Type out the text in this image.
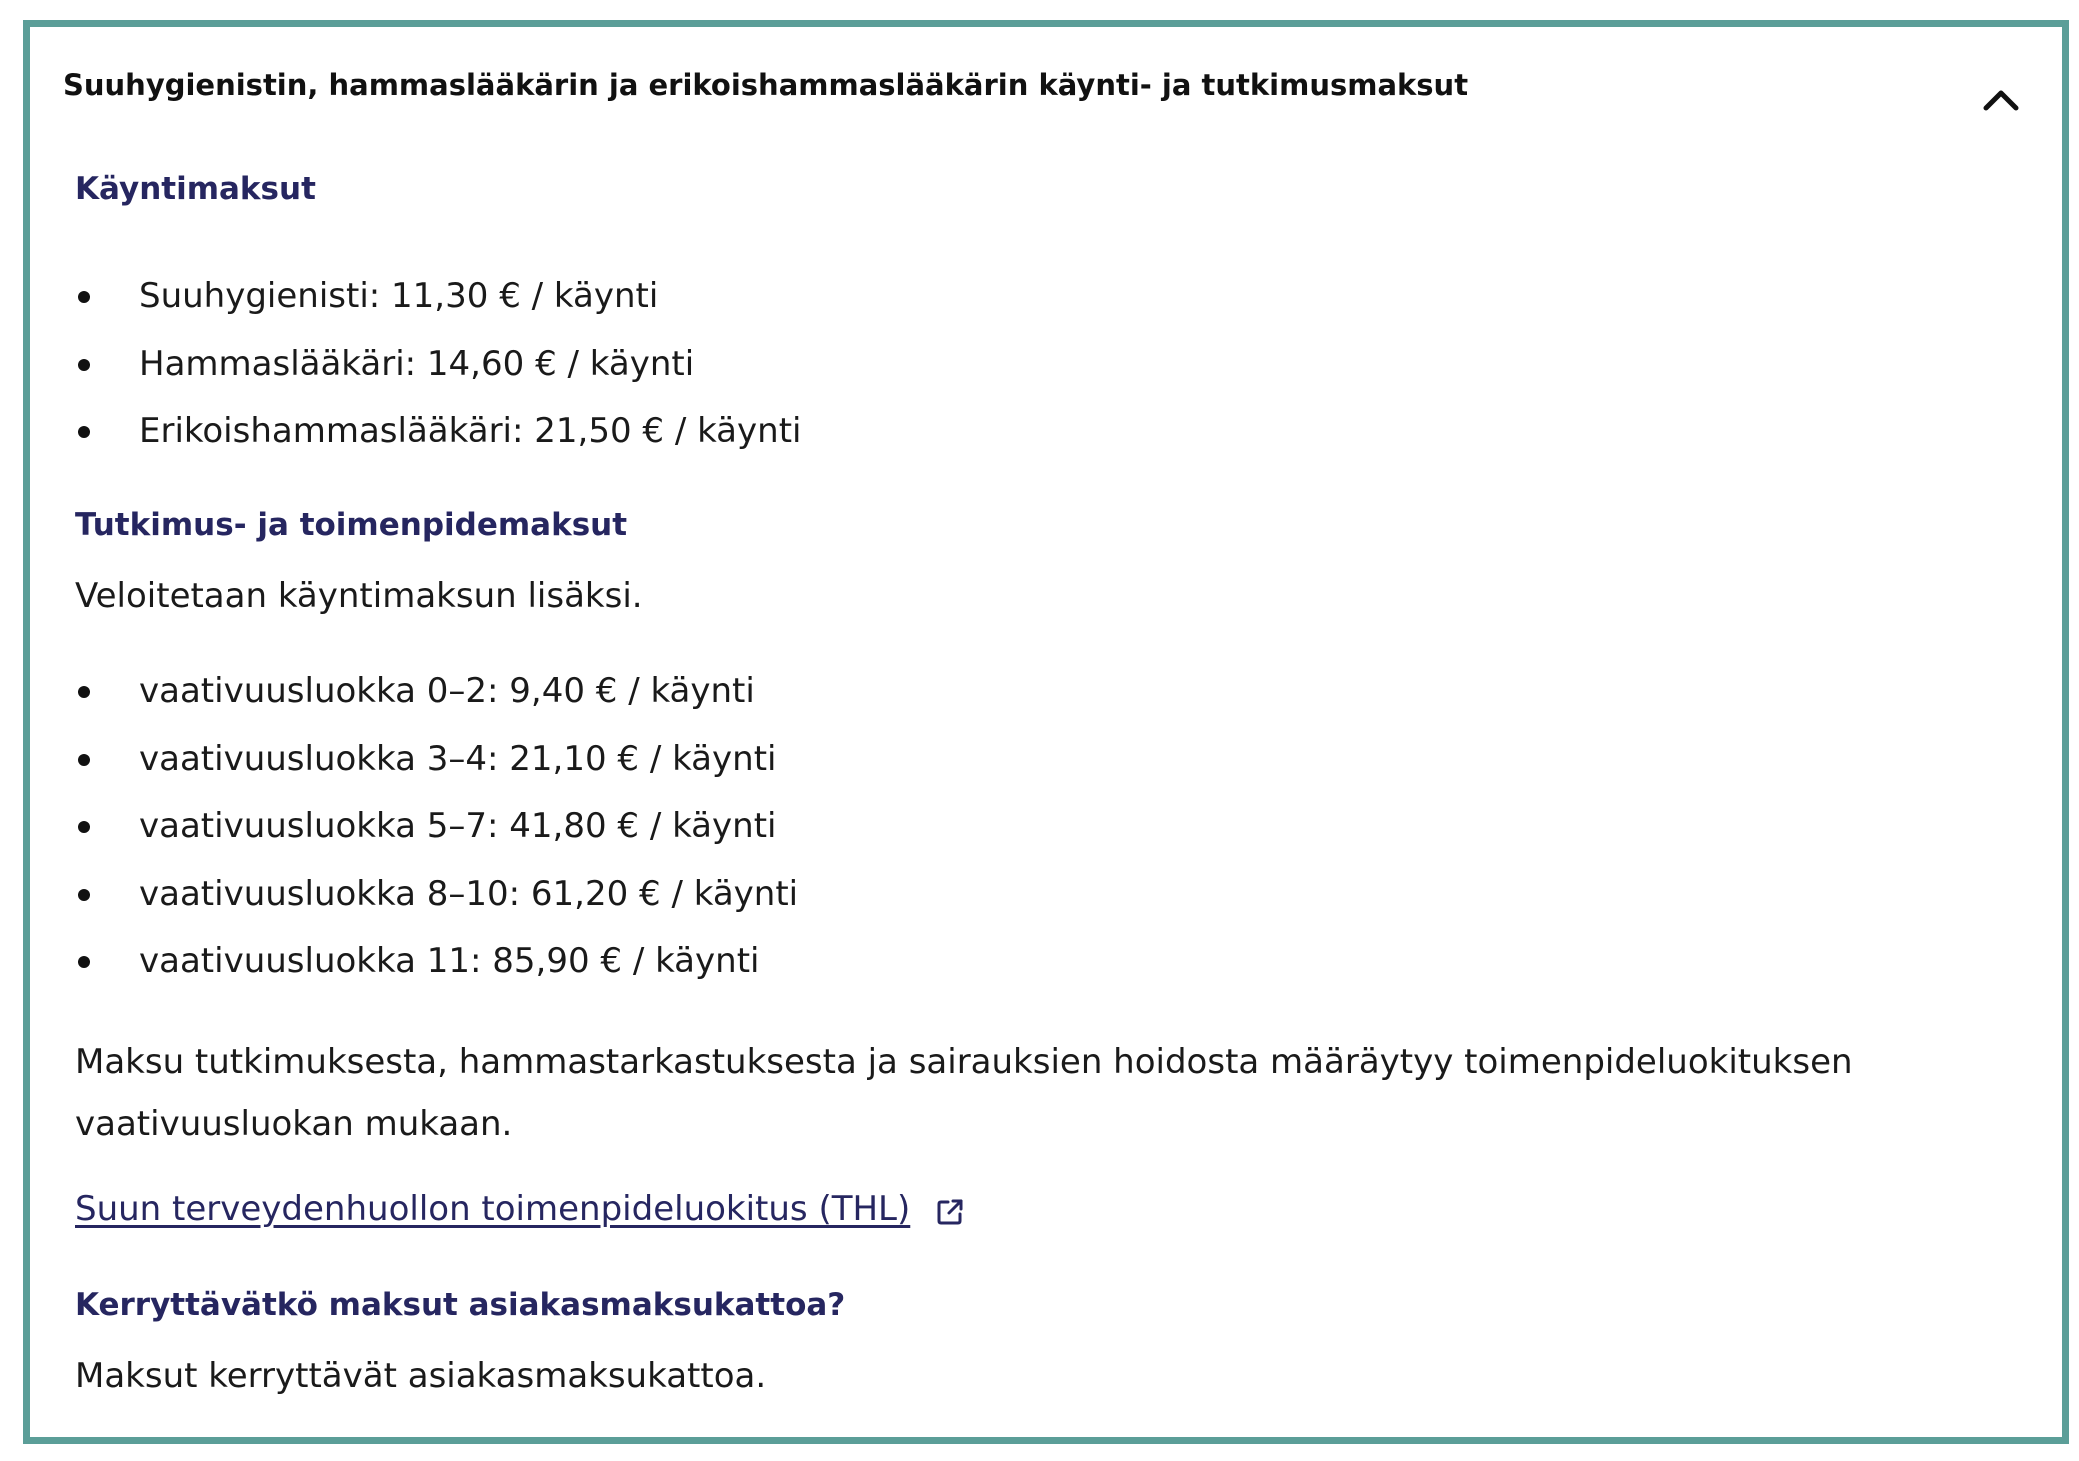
Suuhygienistin, hammaslääkärin ja erikoishammaslääkärin käynti- ja tutkimusmaksut
Käyntimaksut
Suuhygienisti: 11,30 € / käynti
Hammaslääkäri: 14,60 € / käynti
Erikoishammaslääkäri: 21,50 € / käynti
Tutkimus- ja toimenpidemaksut

Veloitetaan käyntimaksun lisäksi.

vaativuusluokka 0–2: 9,40 € / käynti
vaativuusluokka 3–4: 21,10 € / käynti
vaativuusluokka 5–7: 41,80 € / käynti
vaativuusluokka 8–10: 61,20 € / käynti
vaativuusluokka 11: 85,90 € / käynti

Maksu tutkimuksesta, hammastarkastuksesta ja sairauksien hoidosta määräytyy toimenpideluokituksen vaativuusluokan mukaan.

Suun terveydenhuollon toimenpideluokitus (THL)
Kerryttävätkö maksut asiakasmaksukattoa?

Maksut kerryttävät asiakasmaksukattoa.
